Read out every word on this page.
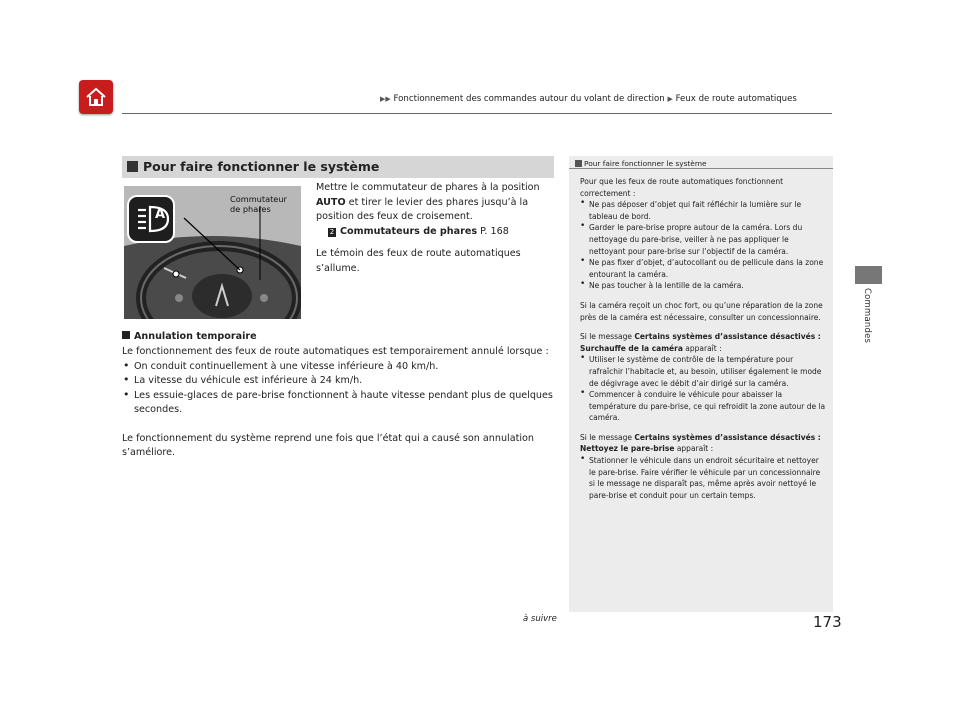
▶▶ Fonctionnement des commandes autour du volant de direction ▶ Feux de route automatiques
Commandes
Pour faire fonctionner le système
A
Commutateur
de phares

Mettre le commutateur de phares à la position
AUTO et tirer le levier des phares jusqu’à la position des feux de croisement.

2 Commutateurs de phares P. 168

Le témoin des feux de route automatiques s’allume.

Annulation temporaire

Le fonctionnement des feux de route automatiques est temporairement annulé lorsque :

• On conduit continuellement à une vitesse inférieure à 40 km/h.

• La vitesse du véhicule est inférieure à 24 km/h.

• Les essuie-glaces de pare-brise fonctionnent à haute vitesse pendant plus de quelques secondes.

Le fonctionnement du système reprend une fois que l’état qui a causé son annulation s’améliore.

Pour faire fonctionner le système

Pour que les feux de route automatiques fonctionnent correctement :

• Ne pas déposer d’objet qui fait réfléchir la lumière sur le tableau de bord.

• Garder le pare-brise propre autour de la caméra. Lors du nettoyage du pare-brise, veiller à ne pas appliquer le nettoyant pour pare-brise sur l’objectif de la caméra.

• Ne pas fixer d’objet, d’autocollant ou de pellicule dans la zone entourant la caméra.

• Ne pas toucher à la lentille de la caméra.

Si la caméra reçoit un choc fort, ou qu’une réparation de la zone près de la caméra est nécessaire, consulter un concessionnaire.

Si le message Certains systèmes d’assistance désactivés : Surchauffe de la caméra apparaît :

• Utiliser le système de contrôle de la température pour rafraîchir l’habitacle et, au besoin, utiliser également le mode de dégivrage avec le débit d’air dirigé sur la caméra.

• Commencer à conduire le véhicule pour abaisser la température du pare-brise, ce qui refroidit la zone autour de la caméra.

Si le message Certains systèmes d’assistance désactivés : Nettoyez le pare-brise apparaît :

• Stationner le véhicule dans un endroit sécuritaire et nettoyer le pare-brise. Faire vérifier le véhicule par un concessionnaire si le message ne disparaît pas, même après avoir nettoyé le pare-brise et conduit pour un certain temps.

à suivre	173
